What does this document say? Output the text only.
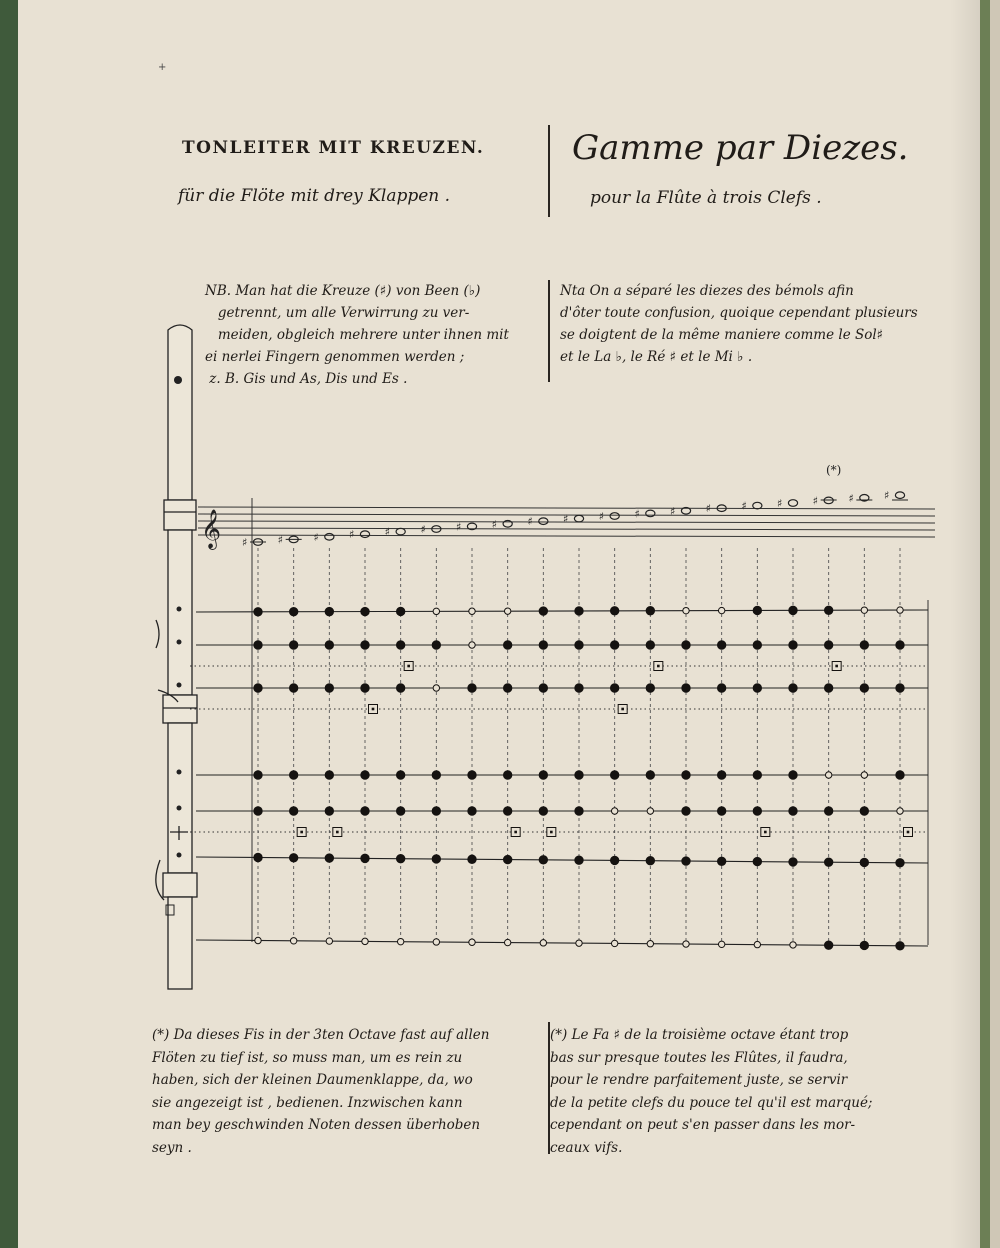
+
TONLEITER MIT KREUZEN.	Gamme par Diezes.
für die Flöte mit drey Klappen .	pour la Flûte à trois Clefs .
NB. Man hat die Kreuze (♯) von Been (♭)
getrennt, um alle Verwirrung zu ver-
meiden, obgleich mehrere unter ihnen mit
ei nerlei Fingern genommen werden ;
z. B. Gis und As, Dis und Es .
Nta On a séparé les diezes des bémols afin
d'ôter toute confusion, quoique cependant plusieurs
se doigtent de la même maniere comme le Sol♯
et le La ♭, le Ré ♯ et le Mi ♭ .
𝄞 ♯	♯	♯	♯	♯	♯	♯	♯	♯	♯	♯	♯	♯	♯	♯	♯	♯	♯	♯
(*)
(*) Da dieses Fis in der 3ten Octave fast auf allen
Flöten zu tief ist, so muss man, um es rein zu
haben, sich der kleinen Daumenklappe, da, wo
sie angezeigt ist , bedienen. Inzwischen kann
man bey geschwinden Noten dessen überhoben
seyn .
(*) Le Fa ♯ de la troisième octave étant trop
bas sur presque toutes les Flûtes, il faudra,
pour le rendre parfaitement juste, se servir
de la petite clefs du pouce tel qu'il est marqué;
cependant on peut s'en passer dans les mor-
ceaux vifs.
